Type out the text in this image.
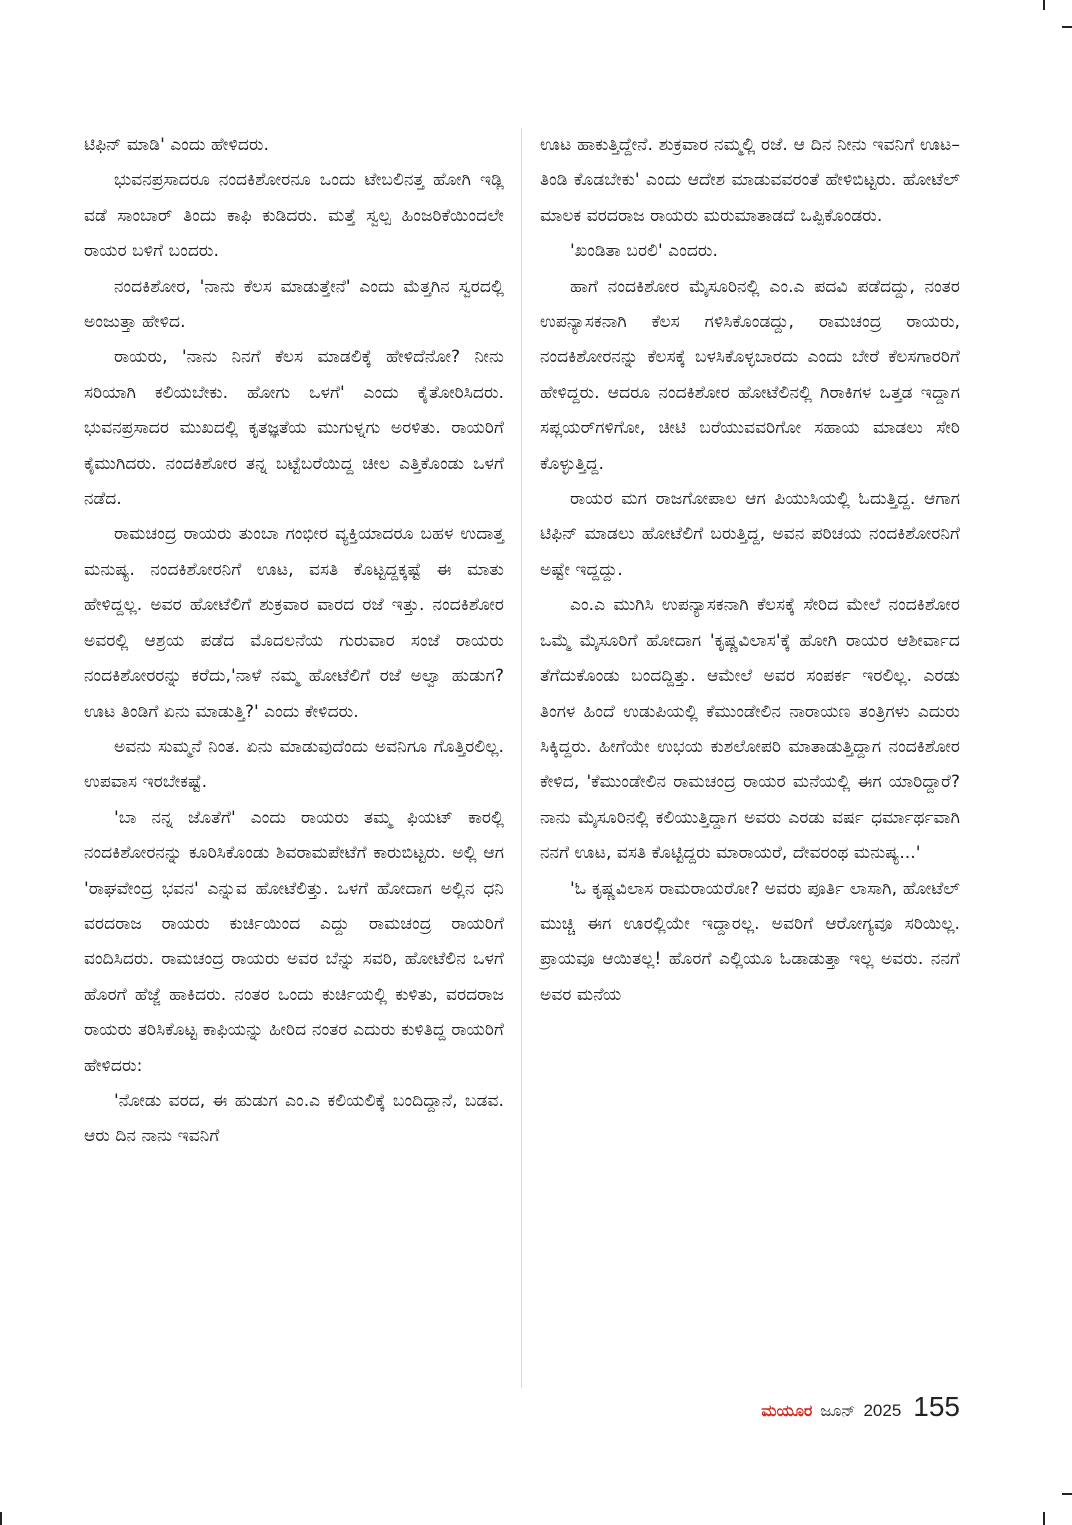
ಟಿಫಿನ್ ಮಾಡಿ' ಎಂದು ಹೇಳಿದರು.

ಭುವನಪ್ರಸಾದರೂ ನಂದಕಿಶೋರನೂ ಒಂದು ಟೇಬಲಿನತ್ತ ಹೋಗಿ ಇಡ್ಲಿ ವಡೆ ಸಾಂಬಾರ್ ತಿಂದು ಕಾಫಿ ಕುಡಿದರು. ಮತ್ತೆ ಸ್ವಲ್ಪ ಹಿಂಜರಿಕೆಯಿಂದಲೇ ರಾಯರ ಬಳಿಗೆ ಬಂದರು.

ನಂದಕಿಶೋರ, 'ನಾನು ಕೆಲಸ ಮಾಡುತ್ತೇನೆ' ಎಂದು ಮೆತ್ತಗಿನ ಸ್ವರದಲ್ಲಿ ಅಂಜುತ್ತಾ ಹೇಳಿದ.

ರಾಯರು, 'ನಾನು ನಿನಗೆ ಕೆಲಸ ಮಾಡಲಿಕ್ಕೆ ಹೇಳಿದೆನೋ? ನೀನು ಸರಿಯಾಗಿ ಕಲಿಯಬೇಕು. ಹೋಗು ಒಳಗೆ' ಎಂದು ಕೈತೋರಿಸಿದರು. ಭುವನಪ್ರಸಾದರ ಮುಖದಲ್ಲಿ ಕೃತಜ್ಞತೆಯ ಮುಗುಳ್ನಗು ಅರಳಿತು. ರಾಯರಿಗೆ ಕೈಮುಗಿದರು. ನಂದಕಿಶೋರ ತನ್ನ ಬಟ್ಟೆಬರೆಯಿದ್ದ ಚೀಲ ಎತ್ತಿಕೊಂಡು ಒಳಗೆ ನಡೆದ.

ರಾಮಚಂದ್ರ ರಾಯರು ತುಂಬಾ ಗಂಭೀರ ವ್ಯಕ್ತಿಯಾದರೂ ಬಹಳ ಉದಾತ್ತ ಮನುಷ್ಯ. ನಂದಕಿಶೋರನಿಗೆ ಊಟ, ವಸತಿ ಕೊಟ್ಟದ್ದಕ್ಕಷ್ಟೆ ಈ ಮಾತು ಹೇಳಿದ್ದಲ್ಲ. ಅವರ ಹೋಟೆಲಿಗೆ ಶುಕ್ರವಾರ ವಾರದ ರಜೆ ಇತ್ತು. ನಂದಕಿಶೋರ ಅವರಲ್ಲಿ ಆಶ್ರಯ ಪಡೆದ ಮೊದಲನೆಯ ಗುರುವಾರ ಸಂಜೆ ರಾಯರು ನಂದಕಿಶೋರರನ್ನು ಕರೆದು,'ನಾಳೆ ನಮ್ಮ ಹೋಟೆಲಿಗೆ ರಜೆ ಅಲ್ವಾ ಹುಡುಗ? ಊಟ ತಿಂಡಿಗೆ ಏನು ಮಾಡುತ್ತಿ?' ಎಂದು ಕೇಳಿದರು.

ಅವನು ಸುಮ್ಮನೆ ನಿಂತ. ಏನು ಮಾಡುವುದೆಂದು ಅವನಿಗೂ ಗೊತ್ತಿರಲಿಲ್ಲ. ಉಪವಾಸ ಇರಬೇಕಷ್ಟೆ.

'ಬಾ ನನ್ನ ಜೊತೆಗೆ' ಎಂದು ರಾಯರು ತಮ್ಮ ಫಿಯಟ್ ಕಾರಲ್ಲಿ ನಂದಕಿಶೋರನನ್ನು ಕೂರಿಸಿಕೊಂಡು ಶಿವರಾಮಪೇಟೆಗೆ ಕಾರುಬಿಟ್ಟರು. ಅಲ್ಲಿ ಆಗ 'ರಾಘವೇಂದ್ರ ಭವನ' ಎನ್ನುವ ಹೋಟೆಲಿತ್ತು. ಒಳಗೆ ಹೋದಾಗ ಅಲ್ಲಿನ ಧನಿ ವರದರಾಜ ರಾಯರು ಕುರ್ಚಿಯಿಂದ ಎದ್ದು ರಾಮಚಂದ್ರ ರಾಯರಿಗೆ ವಂದಿಸಿದರು. ರಾಮಚಂದ್ರ ರಾಯರು ಅವರ ಬೆನ್ನು ಸವರಿ, ಹೋಟೆಲಿನ ಒಳಗೆ ಹೊರಗೆ ಹೆಜ್ಜೆ ಹಾಕಿದರು. ನಂತರ ಒಂದು ಕುರ್ಚಿಯಲ್ಲಿ ಕುಳಿತು, ವರದರಾಜ ರಾಯರು ತರಿಸಿಕೊಟ್ಟ ಕಾಫಿಯನ್ನು ಹೀರಿದ ನಂತರ ಎದುರು ಕುಳಿತಿದ್ದ ರಾಯರಿಗೆ ಹೇಳಿದರು:

'ನೋಡು ವರದ, ಈ ಹುಡುಗ ಎಂ.ಎ ಕಲಿಯಲಿಕ್ಕೆ ಬಂದಿದ್ದಾನೆ, ಬಡವ. ಆರು ದಿನ ನಾನು ಇವನಿಗೆ

ಊಟ ಹಾಕುತ್ತಿದ್ದೇನೆ. ಶುಕ್ರವಾರ ನಮ್ಮಲ್ಲಿ ರಜೆ. ಆ ದಿನ ನೀನು ಇವನಿಗೆ ಊಟ– ತಿಂಡಿ ಕೊಡಬೇಕು' ಎಂದು ಆದೇಶ ಮಾಡುವವರಂತೆ ಹೇಳಿಬಿಟ್ಟರು. ಹೋಟೆಲ್ ಮಾಲಕ ವರದರಾಜ ರಾಯರು ಮರುಮಾತಾಡದೆ ಒಪ್ಪಿಕೊಂಡರು.

'ಖಂಡಿತಾ ಬರಲಿ' ಎಂದರು.

ಹಾಗೆ ನಂದಕಿಶೋರ ಮೈಸೂರಿನಲ್ಲಿ ಎಂ.ಎ ಪದವಿ ಪಡೆದದ್ದು, ನಂತರ ಉಪನ್ಯಾಸಕನಾಗಿ ಕೆಲಸ ಗಳಿಸಿಕೊಂಡದ್ದು, ರಾಮಚಂದ್ರ ರಾಯರು, ನಂದಕಿಶೋರನನ್ನು ಕೆಲಸಕ್ಕೆ ಬಳಸಿಕೊಳ್ಳಬಾರದು ಎಂದು ಬೇರೆ ಕೆಲಸಗಾರರಿಗೆ ಹೇಳಿದ್ದರು. ಆದರೂ ನಂದಕಿಶೋರ ಹೋಟೆಲಿನಲ್ಲಿ ಗಿರಾಕಿಗಳ ಒತ್ತಡ ಇದ್ದಾಗ ಸಪ್ಲಯರ್‌ಗಳಿಗೋ, ಚೀಟಿ ಬರೆಯುವವರಿಗೋ ಸಹಾಯ ಮಾಡಲು ಸೇರಿ ಕೊಳ್ಳುತ್ತಿದ್ದ.

ರಾಯರ ಮಗ ರಾಜಗೋಪಾಲ ಆಗ ಪಿಯುಸಿಯಲ್ಲಿ ಓದುತ್ತಿದ್ದ. ಆಗಾಗ ಟಿಫಿನ್ ಮಾಡಲು ಹೋಟೆಲಿಗೆ ಬರುತ್ತಿದ್ದ, ಅವನ ಪರಿಚಯ ನಂದಕಿಶೋರನಿಗೆ ಅಷ್ಟೇ ಇದ್ದದ್ದು.

ಎಂ.ಎ ಮುಗಿಸಿ ಉಪನ್ಯಾಸಕನಾಗಿ ಕೆಲಸಕ್ಕೆ ಸೇರಿದ ಮೇಲೆ ನಂದಕಿಶೋರ ಒಮ್ಮೆ ಮೈಸೂರಿಗೆ ಹೋದಾಗ 'ಕೃಷ್ಣವಿಲಾಸ'ಕ್ಕೆ ಹೋಗಿ ರಾಯರ ಆಶೀರ್ವಾದ ತೆಗೆದುಕೊಂಡು ಬಂದದ್ದಿತ್ತು. ಆಮೇಲೆ ಅವರ ಸಂಪರ್ಕ ಇರಲಿಲ್ಲ. ಎರಡು ತಿಂಗಳ ಹಿಂದೆ ಉಡುಪಿಯಲ್ಲಿ ಕೆಮುಂಡೇಲಿನ ನಾರಾಯಣ ತಂತ್ರಿಗಳು ಎದುರು ಸಿಕ್ಕಿದ್ದರು. ಹೀಗೆಯೇ ಉಭಯ ಕುಶಲೋಪರಿ ಮಾತಾಡುತ್ತಿದ್ದಾಗ ನಂದಕಿಶೋರ ಕೇಳಿದ, 'ಕೆಮುಂಡೇಲಿನ ರಾಮಚಂದ್ರ ರಾಯರ ಮನೆಯಲ್ಲಿ ಈಗ ಯಾರಿದ್ದಾರೆ? ನಾನು ಮೈಸೂರಿನಲ್ಲಿ ಕಲಿಯುತ್ತಿದ್ದಾಗ ಅವರು ಎರಡು ವರ್ಷ ಧರ್ಮಾರ್ಥವಾಗಿ ನನಗೆ ಊಟ, ವಸತಿ ಕೊಟ್ಟಿದ್ದರು ಮಾರಾಯರೆ, ದೇವರಂಥ ಮನುಷ್ಯ...'

'ಓ ಕೃಷ್ಣವಿಲಾಸ ರಾಮರಾಯರೋ? ಅವರು ಪೂರ್ತಿ ಲಾಸಾಗಿ, ಹೋಟೆಲ್ ಮುಚ್ಚಿ ಈಗ ಊರಲ್ಲಿಯೇ ಇದ್ದಾರಲ್ಲ. ಅವರಿಗೆ ಆರೋಗ್ಯವೂ ಸರಿಯಿಲ್ಲ. ಪ್ರಾಯವೂ ಆಯಿತಲ್ಲ! ಹೊರಗೆ ಎಲ್ಲಿಯೂ ಓಡಾಡುತ್ತಾ ಇಲ್ಲ ಅವರು. ನನಗೆ ಅವರ ಮನೆಯ

ಮಯೂರ ಜೂನ್ 2025 155
